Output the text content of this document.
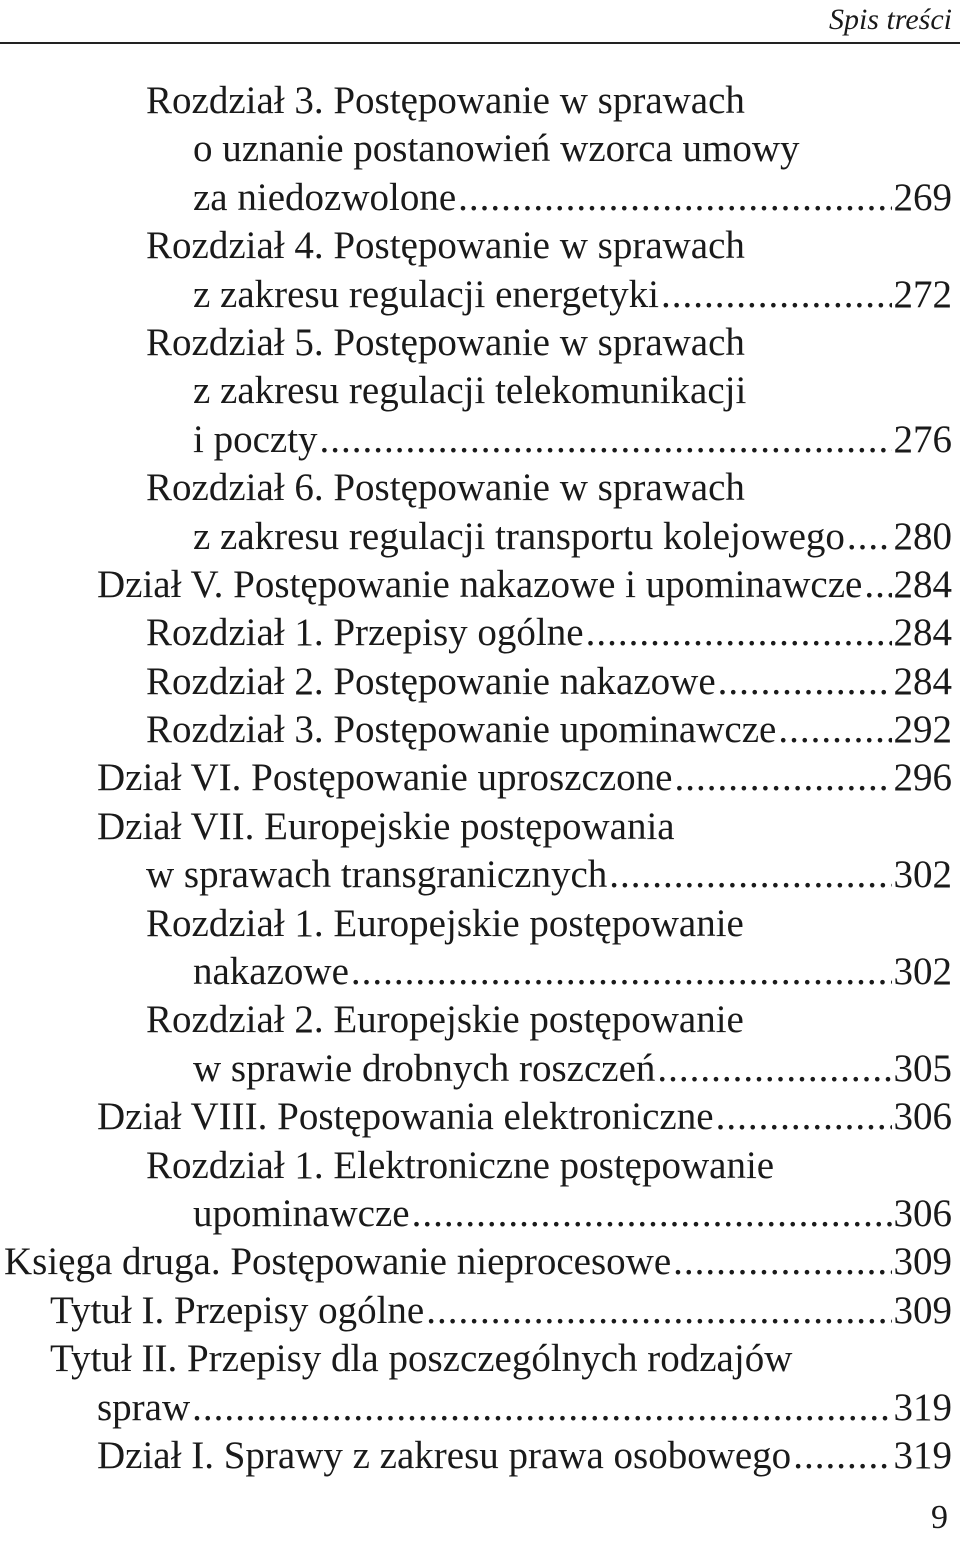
Spis treści
Rozdział 3. Postępowanie w sprawach
o uznanie postanowień wzorca umowy
za niedozwolone .....	269
Rozdział 4. Postępowanie w sprawach
z zakresu regulacji energetyki .....	272
Rozdział 5. Postępowanie w sprawach
z zakresu regulacji telekomunikacji
i poczty .....	276
Rozdział 6. Postępowanie w sprawach
z zakresu regulacji transportu kolejowego ..... 280
Dział V. Postępowanie nakazowe i upominawcze ..... 284
Rozdział 1. Przepisy ogólne .....	284
Rozdział 2. Postępowanie nakazowe .....	284
Rozdział 3. Postępowanie upominawcze .....	292
Dział VI. Postępowanie uproszczone .....	296
Dział VII. Europejskie postępowania
w sprawach transgranicznych .....	302
Rozdział 1. Europejskie postępowanie
nakazowe .....	302
Rozdział 2. Europejskie postępowanie
w sprawie drobnych roszczeń .....	305
Dział VIII. Postępowania elektroniczne .....	306
Rozdział 1. Elektroniczne postępowanie
upominawcze .....	306
Księga druga. Postępowanie nieprocesowe .....	309
Tytuł I. Przepisy ogólne .....	309
Tytuł II. Przepisy dla poszczególnych rodzajów
spraw .....	319
Dział I. Sprawy z zakresu prawa osobowego .....	319
9
